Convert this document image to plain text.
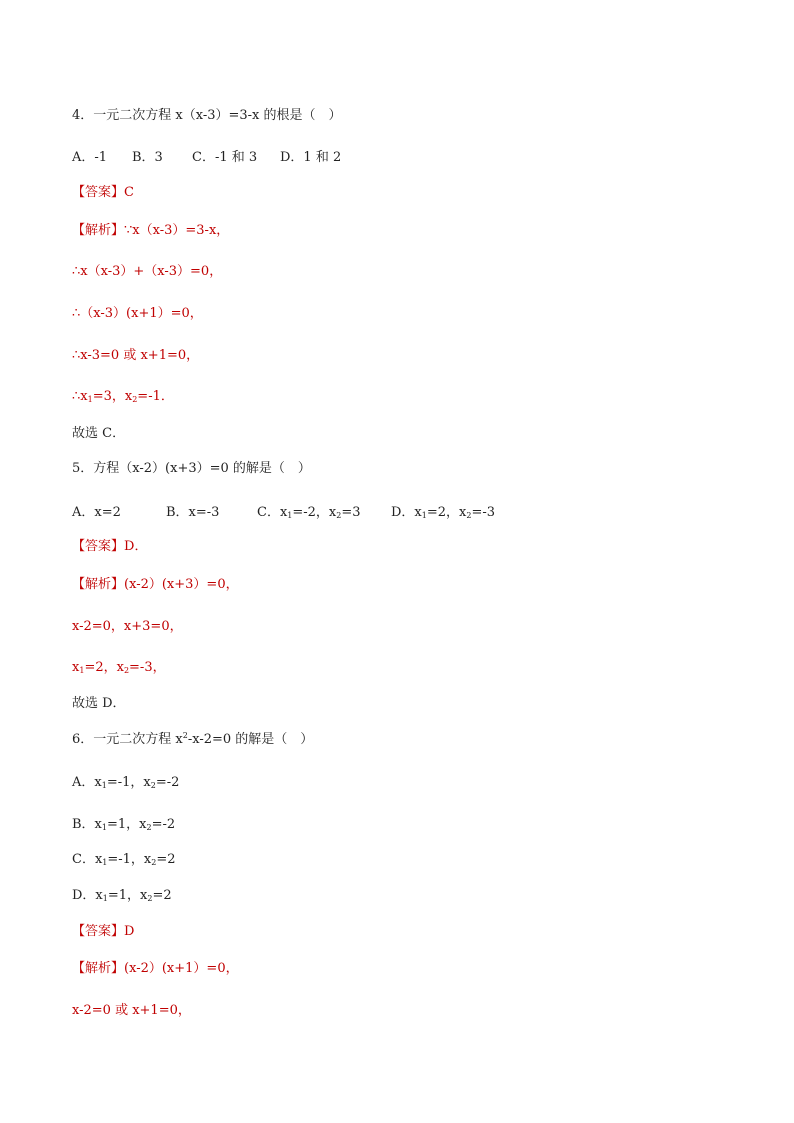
4．一元二次方程 x（x-3）=3-x 的根是（　）
A．-1 B．3 C．-1 和 3 D．1 和 2
【答案】C
【解析】∵x（x-3）=3-x，
∴x（x-3）+（x-3）=0，
∴（x-3）(x+1）=0，
∴x-3=0 或 x+1=0，
$\therefore x_1=3$，$x_2=-1$．
故选 C．
5．方程（x-2）(x+3）=0 的解是（　）
A．x=2	B．x=-3	C．$x_1=-2$，$x_2=3$ D．$x_1=2$，$x_2=-3$
【答案】D．
【解析】(x-2）(x+3）=0，
x-2=0，x+3=0，
$x_1=2$，$x_2=-3$，
故选 D．
6．一元二次方程 $x^2-x-2=0$ 的解是（　）
A．$x_1=-1$，$x_2=-2$
B．$x_1=1$，$x_2=-2$
C．$x_1=-1$，$x_2=2$
D．$x_1=1$，$x_2=2$
【答案】D
【解析】(x-2）(x+1）=0，
x-2=0 或 x+1=0，
